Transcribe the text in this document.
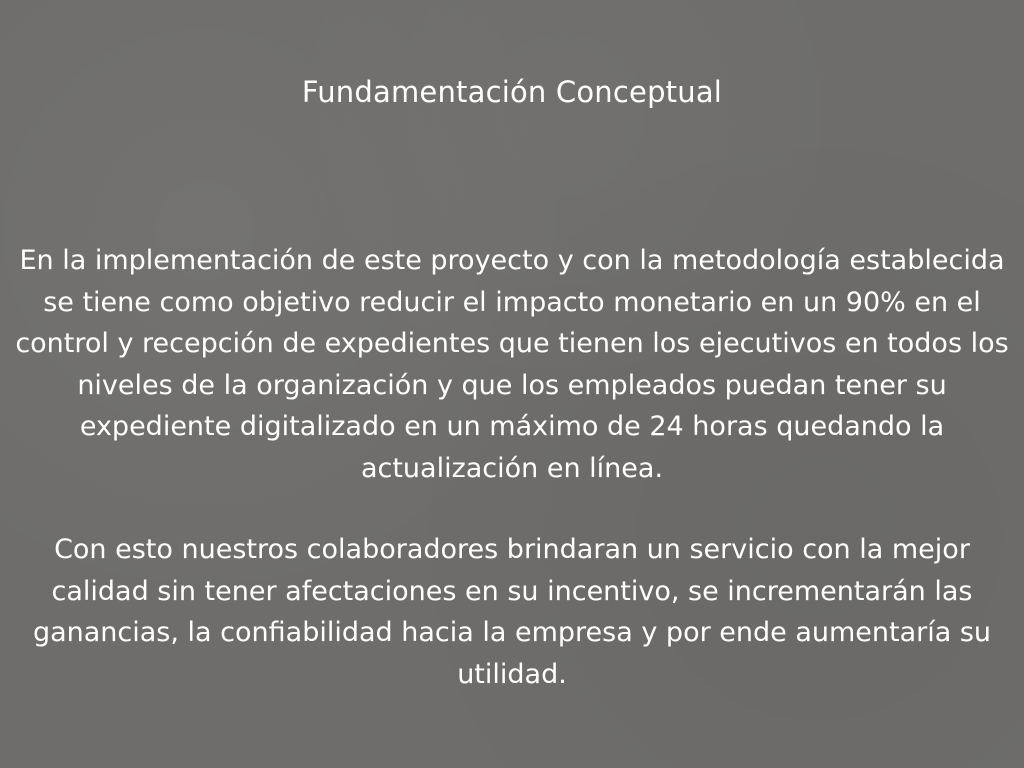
Fundamentación Conceptual

En la implementación de este proyecto y con la metodología establecida se tiene como objetivo reducir el impacto monetario en un 90% en el control y recepción de expedientes que tienen los ejecutivos en todos los niveles de la organización y que los empleados puedan tener su expediente digitalizado en un máximo de 24 horas quedando la actualización en línea.

Con esto nuestros colaboradores brindaran un servicio con la mejor calidad sin tener afectaciones en su incentivo, se incrementarán las ganancias, la confiabilidad hacia la empresa y por ende aumentaría su utilidad.
